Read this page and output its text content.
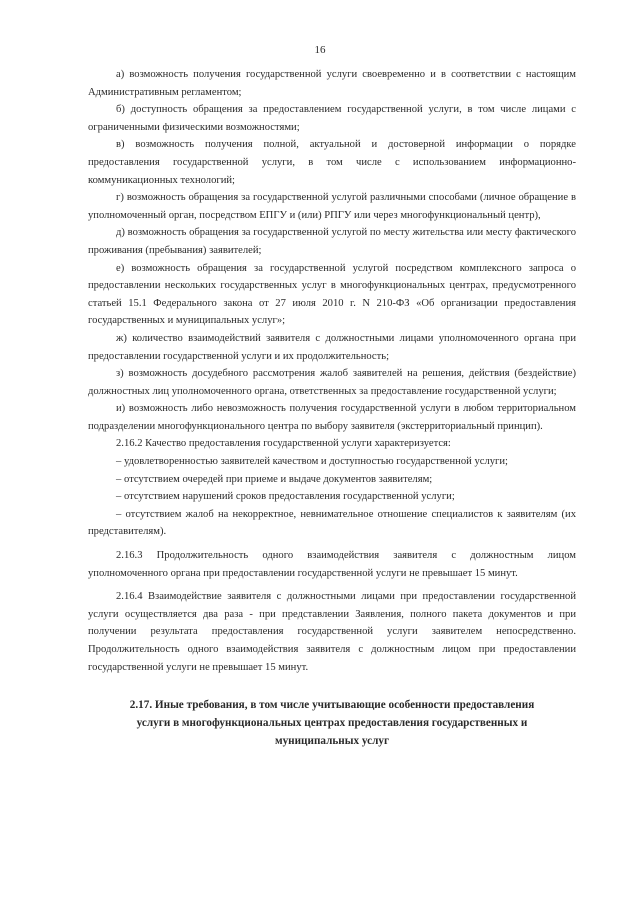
16

а) возможность получения государственной услуги своевременно и в соответствии с настоящим Административным регламентом;

б) доступность обращения за предоставлением государственной услуги, в том числе лицами с ограниченными физическими возможностями;

в) возможность получения полной, актуальной и достоверной информации о порядке предоставления государственной услуги, в том числе с использованием информационно-коммуникационных технологий;

г) возможность обращения за государственной услугой различными способами (личное обращение в уполномоченный орган, посредством ЕПГУ и (или) РПГУ или через многофункциональный центр),

д) возможность обращения за государственной услугой по месту жительства или месту фактического проживания (пребывания) заявителей;

е) возможность обращения за государственной услугой посредством комплексного запроса о предоставлении нескольких государственных услуг в многофункциональных центрах, предусмотренного статьей 15.1 Федерального закона от 27 июля 2010 г. N 210-ФЗ «Об организации предоставления государственных и муниципальных услуг»;

ж) количество взаимодействий заявителя с должностными лицами уполномоченного органа при предоставлении государственной услуги и их продолжительность;

з) возможность досудебного рассмотрения жалоб заявителей на решения, действия (бездействие) должностных лиц уполномоченного органа, ответственных за предоставление государственной услуги;

и) возможность либо невозможность получения государственной услуги в любом территориальном подразделении многофункционального центра по выбору заявителя (экстерриториальный принцип).

2.16.2 Качество предоставления государственной услуги характеризуется:

– удовлетворенностью заявителей качеством и доступностью государственной услуги;

– отсутствием очередей при приеме и выдаче документов заявителям;

– отсутствием нарушений сроков предоставления государственной услуги;

– отсутствием жалоб на некорректное, невнимательное отношение специалистов к заявителям (их представителям).

2.16.3 Продолжительность одного взаимодействия заявителя с должностным лицом уполномоченного органа при предоставлении государственной услуги не превышает 15 минут.

2.16.4 Взаимодействие заявителя с должностными лицами при предоставлении государственной услуги осуществляется два раза - при представлении Заявления, полного пакета документов и при получении результата предоставления государственной услуги заявителем непосредственно. Продолжительность одного взаимодействия заявителя с должностным лицом при предоставлении государственной услуги не превышает 15 минут.

2.17. Иные требования, в том числе учитывающие особенности предоставления
услуги в многофункциональных центрах предоставления государственных и
муниципальных услуг
